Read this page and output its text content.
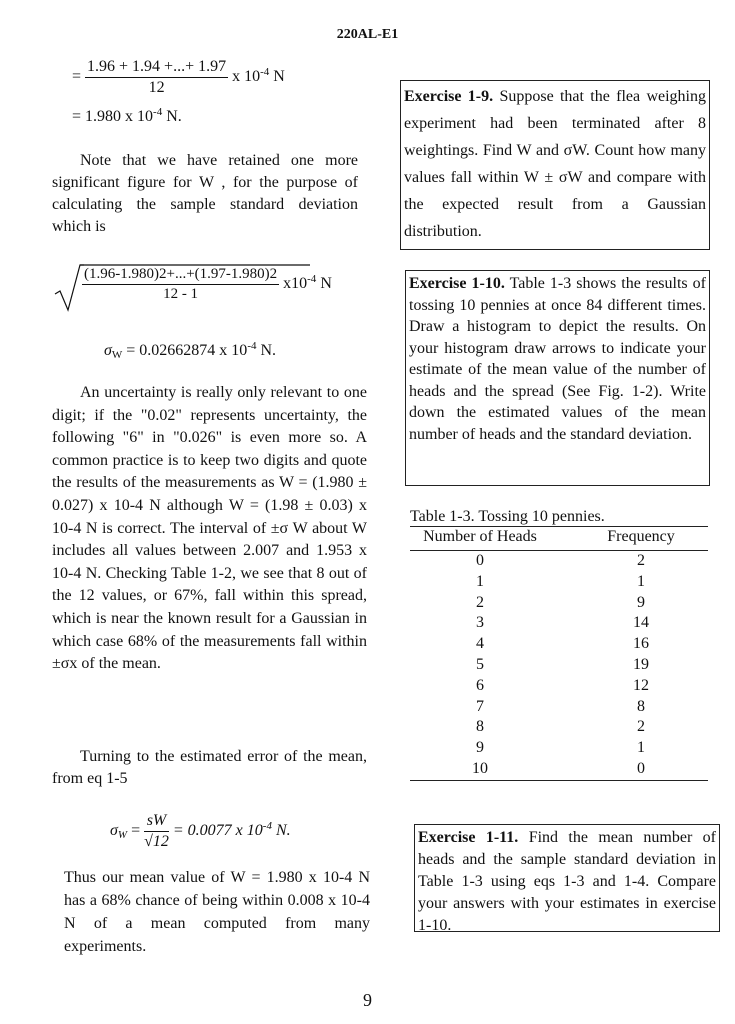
220AL-E1
= $\frac{1.96 + 1.94 +...+ 1.97}{12}$ x $10^{-4}$ N
= 1.980 x $10^{-4}$ N.
Note that we have retained one more significant figure for W , for the purpose of calculating the sample standard deviation which is
$\frac{(1.96-1.980)2+...+(1.97-1.980)2}{12 - 1} x10^{-4}$ N
$\sigma_W = 0.02662874$ x $10^{-4}$ N.
An uncertainty is really only relevant to one digit; if the "0.02" represents uncertainty, the following "6" in "0.026" is even more so. A common practice is to keep two digits and quote the results of the measurements as W = (1.980 ± 0.027) x 10-4 N although W = (1.98 ± 0.03) x 10-4 N is correct. The interval of ±σ W about W includes all values between 2.007 and 1.953 x 10-4 N. Checking Table 1-2, we see that 8 out of the 12 values, or 67%, fall within this spread, which is near the known result for a Gaussian in which case 68% of the measurements fall within ±σx of the mean.
Turning to the estimated error of the mean, from eq 1-5
$\sigma_W = \frac{sW}{√12} = 0.0077$ x $10^{-4}$ N.
Thus our mean value of W = 1.980 x 10-4 N has a 68% chance of being within 0.008 x 10-4 N of a mean computed from many experiments.
Exercise 1-9. Suppose that the flea weighing experiment had been terminated after 8 weightings. Find W and σW. Count how many values fall within W ± σW and compare with the expected result from a Gaussian distribution.
Exercise 1-10. Table 1-3 shows the results of tossing 10 pennies at once 84 different times. Draw a histogram to depict the results. On your histogram draw arrows to indicate your estimate of the mean value of the number of heads and the spread (See Fig. 1-2). Write down the estimated values of the mean number of heads and the standard deviation.
Table 1-3. Tossing 10 pennies.
Number of Heads	Frequency
0	2
1	1
2	9
3	14
4	16
5	19
6	12
7	8
8	2
9	1
10	0
Exercise 1-11. Find the mean number of heads and the sample standard deviation in Table 1-3 using eqs 1-3 and 1-4. Compare your answers with your estimates in exercise 1-10.
9
